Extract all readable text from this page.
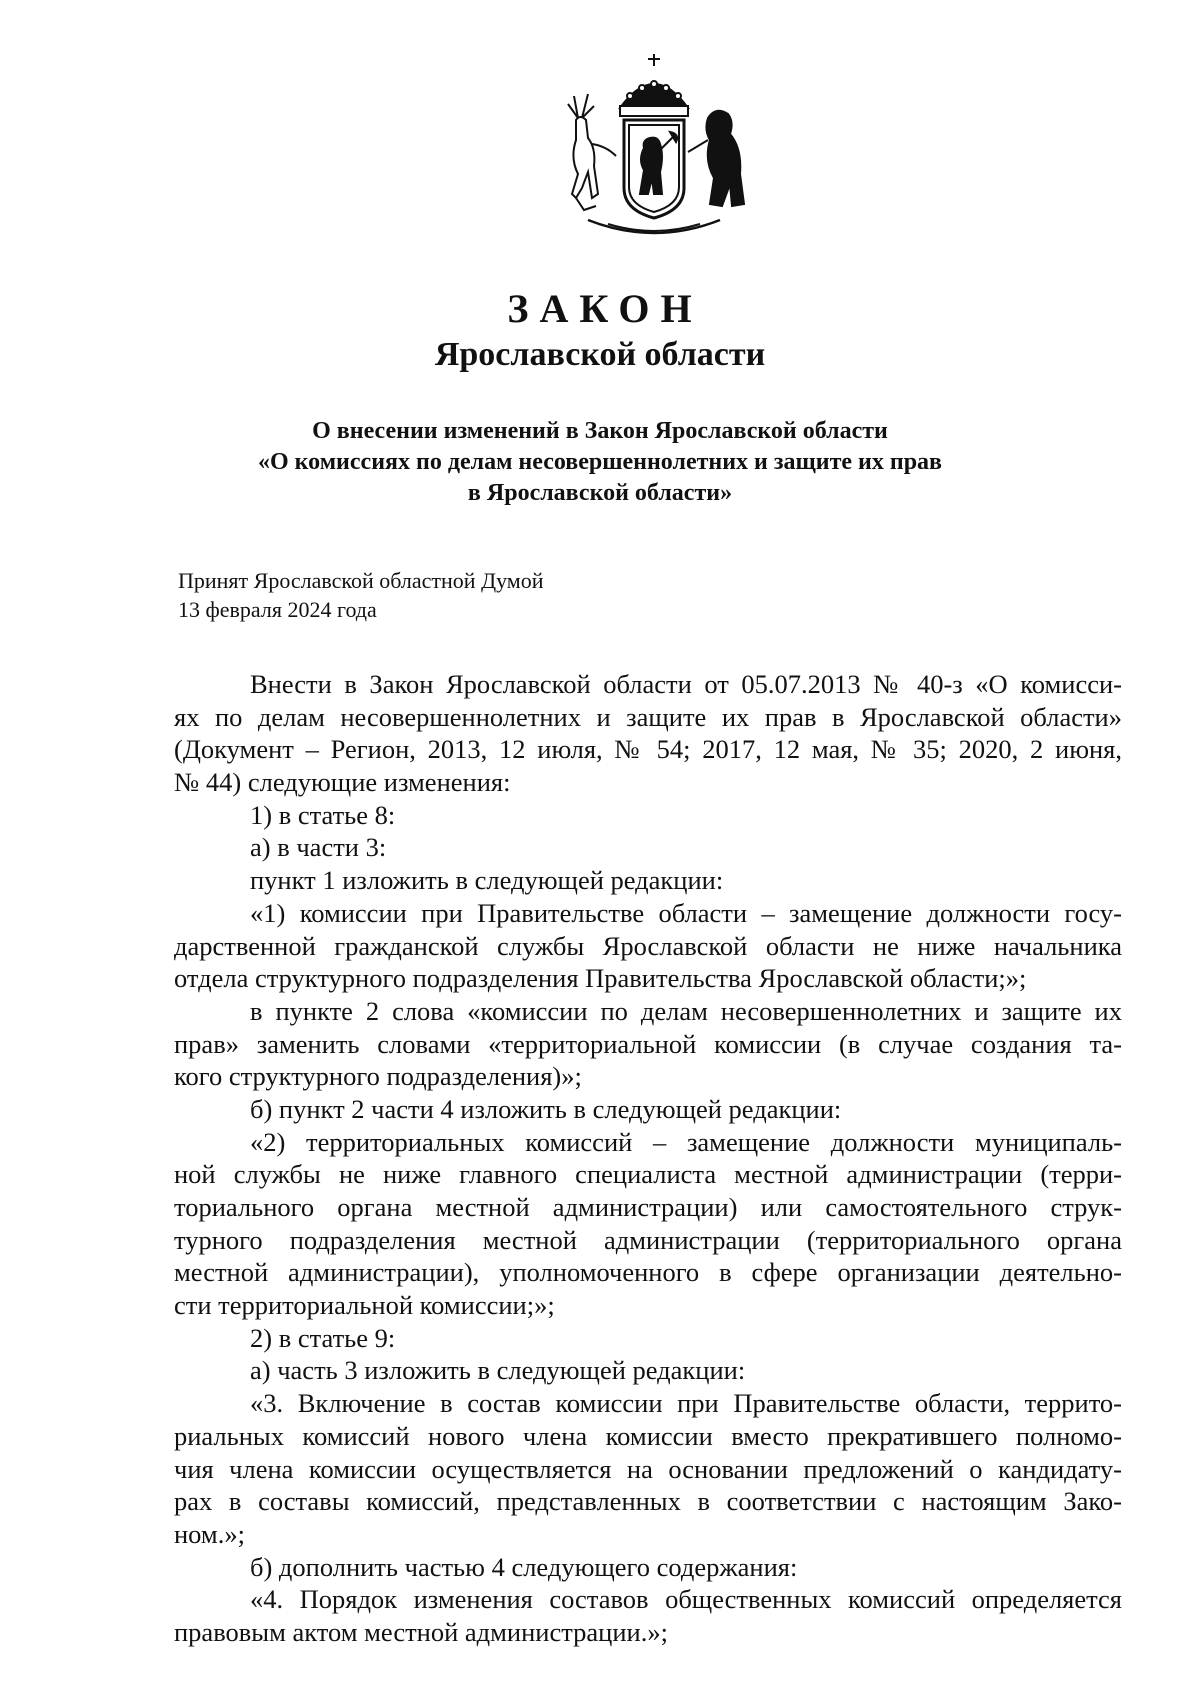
ЗАКОН
Ярославской области
О внесении изменений в Закон Ярославской области
«О комиссиях по делам несовершеннолетних и защите их прав
в Ярославской области»
Принят Ярославской областной Думой
13 февраля 2024 года
Внести в Закон Ярославской области от 05.07.2013 № 40-з «О комисси-
ях по делам несовершеннолетних и защите их прав в Ярославской области»
(Документ – Регион, 2013, 12 июля, № 54; 2017, 12 мая, № 35; 2020, 2 июня,
№ 44) следующие изменения:
1) в статье 8:
а) в части 3:
пункт 1 изложить в следующей редакции:
«1) комиссии при Правительстве области – замещение должности госу-
дарственной гражданской службы Ярославской области не ниже начальника
отдела структурного подразделения Правительства Ярославской области;»;
в пункте 2 слова «комиссии по делам несовершеннолетних и защите их
прав» заменить словами «территориальной комиссии (в случае создания та-
кого структурного подразделения)»;
б) пункт 2 части 4 изложить в следующей редакции:
«2) территориальных комиссий – замещение должности муниципаль-
ной службы не ниже главного специалиста местной администрации (терри-
ториального органа местной администрации) или самостоятельного струк-
турного подразделения местной администрации (территориального органа
местной администрации), уполномоченного в сфере организации деятельно-
сти территориальной комиссии;»;
2) в статье 9:
а) часть 3 изложить в следующей редакции:
«3. Включение в состав комиссии при Правительстве области, террито-
риальных комиссий нового члена комиссии вместо прекратившего полномо-
чия члена комиссии осуществляется на основании предложений о кандидату-
рах в составы комиссий, представленных в соответствии с настоящим Зако-
ном.»;
б) дополнить частью 4 следующего содержания:
«4. Порядок изменения составов общественных комиссий определяется
правовым актом местной администрации.»;
